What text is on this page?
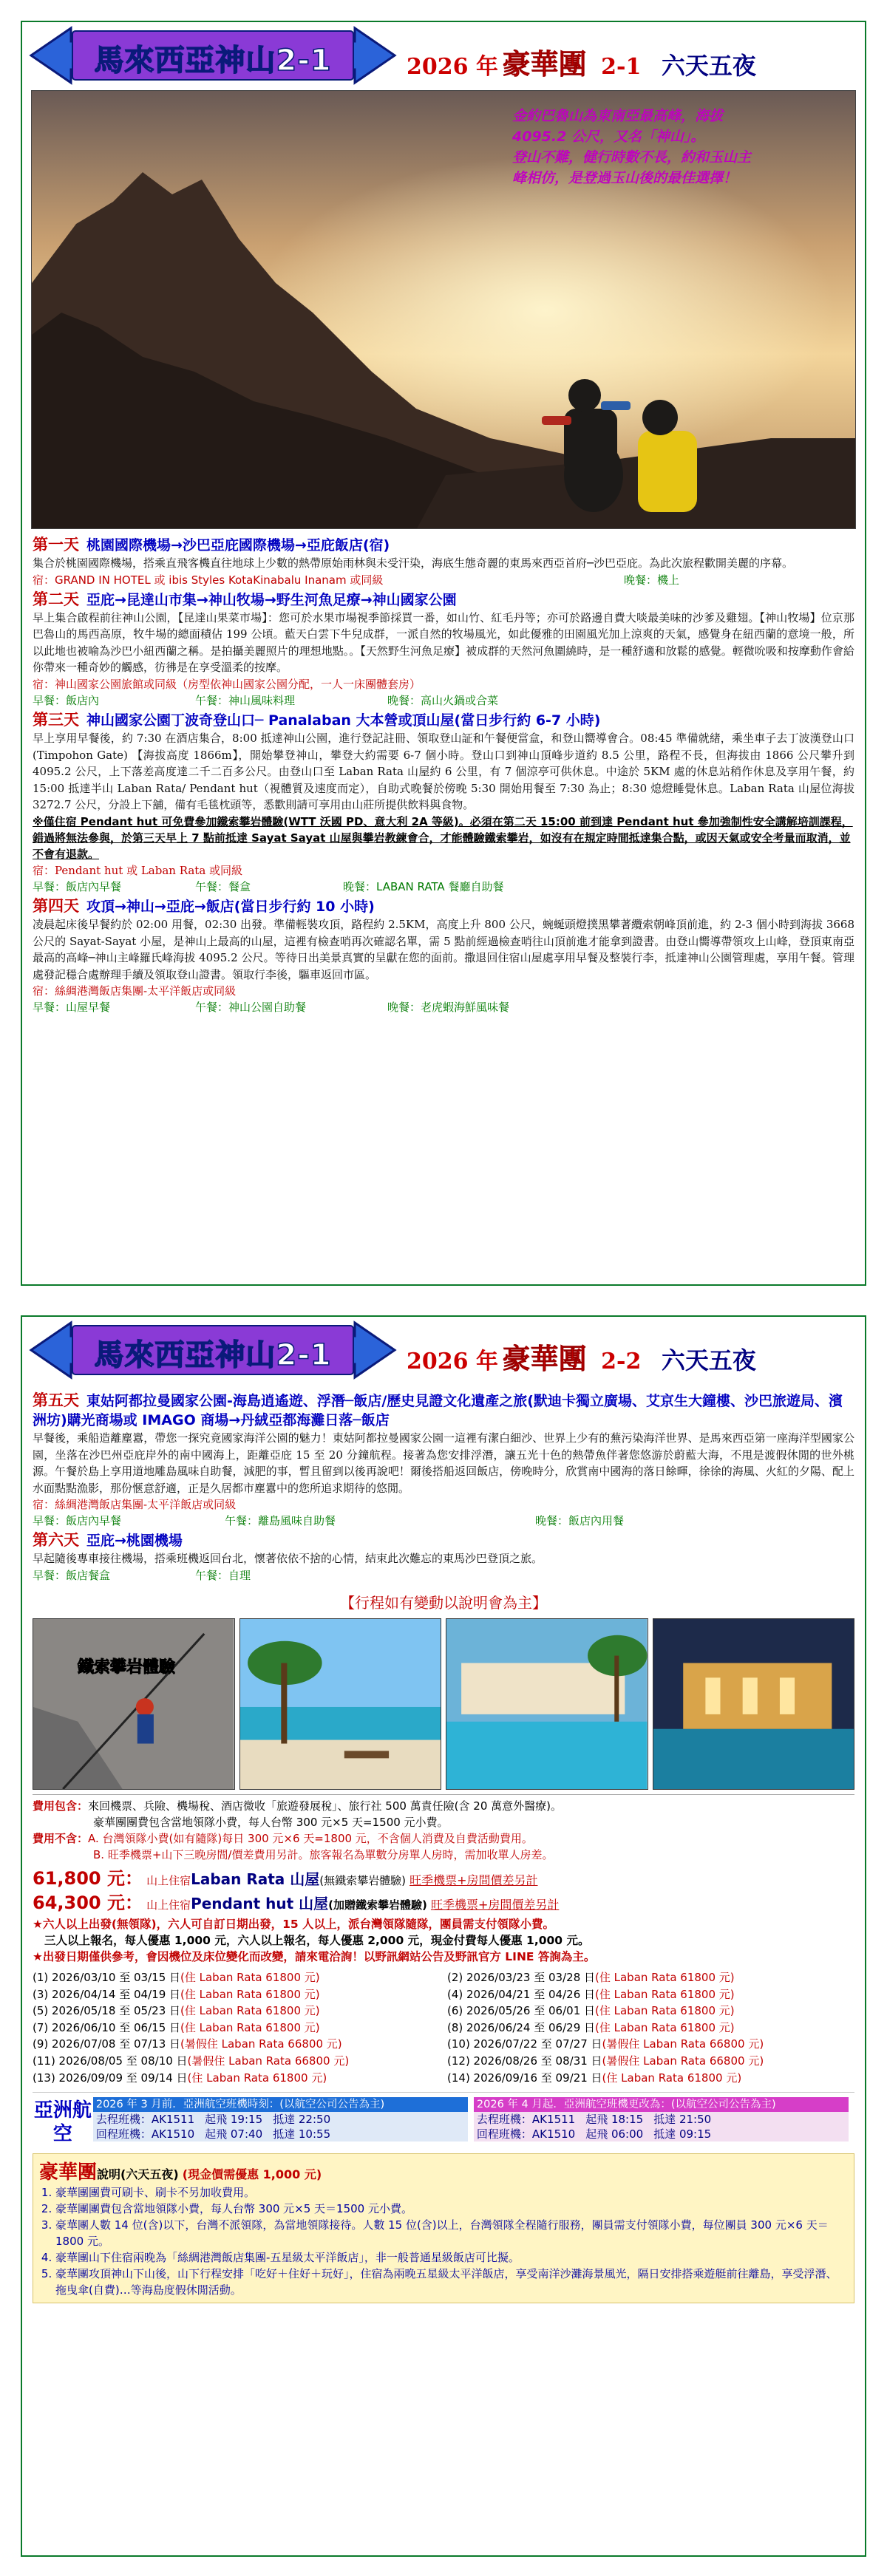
馬來西亞神山2-1	2026 年 豪華團 2-1 六天五夜

金約巴魯山為東南亞最高峰，海拔

4095.2 公尺，又名「神山」。

登山不難，健行時數不長，約和玉山主

峰相仿，是登過玉山後的最佳選擇！

第一天 桃園國際機場→沙巴亞庇國際機場→亞庇飯店(宿)
集合於桃園國際機場，搭乘直飛客機直往地球上少數的熱帶原始雨林與未受汗染，海底生態奇麗的東馬來西亞首府─沙巴亞庇。為此次旅程歡開美麗的序幕。
宿：GRAND IN HOTEL 或 ibis Styles KotaKinabalu Inanam 或同級	晚餐：機上
第二天 亞庇→昆達山市集→神山牧場→野生河魚足療→神山國家公園
早上集合啟程前往神山公園，【昆達山果菜市場】：您可於水果市場視季節採買一番，如山竹、紅毛丹等；亦可於路邊自費大啖最美味的沙爹及雞翅。【神山牧場】位京那巴魯山的馬西高原，牧牛場的總面積佔 199 公頃。藍天白雲下牛兒成群，一派自然的牧場風光，如此優雅的田園風光加上涼爽的天氣，感覺身在紐西蘭的意境一般，所以此地也被喻為沙巴小紐西蘭之稱。是拍攝美麗照片的理想地點。。【天然野生河魚足療】被成群的天然河魚圍繞時，是一種舒適和放鬆的感覺。輕微吮吸和按摩動作會給你帶來一種奇妙的觸感，彷彿是在享受溫柔的按摩。
宿：神山國家公園旅館或同級（房型依神山國家公園分配，一人一床團體套房）
早餐：飯店內	午餐：神山風味料理	晚餐：高山火鍋或合菜
第三天 神山國家公園丁波奇登山口─ Panalaban 大本營或頂山屋(當日步行約 6-7 小時)
早上享用早餐後，約 7:30 在酒店集合，8:00 抵達神山公園，進行登記註冊、領取登山証和午餐便當盒，和登山嚮導會合。08:45 準備就緒，乘坐車子去丁波漢登山口 (Timpohon Gate) 【海拔高度 1866m】，開始攀登神山，攀登大約需要 6-7 個小時。登山口到神山頂峰步道約 8.5 公里，路程不長，但海拔由 1866 公尺攀升到 4095.2 公尺，上下落差高度達二千二百多公尺。由登山口至 Laban Rata 山屋約 6 公里，有 7 個涼亭可供休息。中途於 5KM 處的休息站稍作休息及享用午餐，約 15:00 抵達半山 Laban Rata/ Pendant hut（視體質及速度而定），自助式晚餐於傍晚 5:30 開始用餐至 7:30 為止；8:30 熄燈睡覺休息。Laban Rata 山屋位海拔 3272.7 公尺，分設上下舖，備有毛毯枕頭等，悉歡則請可享用由山莊所提供飲料與食物。
※僅住宿 Pendant hut 可免費參加鐵索攀岩體驗(WTT 沃國 PD、意大利 2A 等級)。必須在第二天 15:00 前到達 Pendant hut 參加強制性安全講解培訓課程，錯過將無法參與，於第三天早上 7 點前抵達 Sayat Sayat 山屋與攀岩教練會合，才能體驗鐵索攀岩，如沒有在規定時間抵達集合點，或因天氣或安全考量而取消，並不會有退款。
宿：Pendant hut 或 Laban Rata 或同級
早餐：飯店內早餐	午餐：餐盒	晚餐：LABAN RATA 餐廳自助餐
第四天 攻頂→神山→亞庇→飯店(當日步行約 10 小時)
凌晨起床後早餐約於 02:00 用餐，02:30 出發。準備輕裝攻頂，路程約 2.5KM，高度上升 800 公尺，蜿蜒頭燈撲黑攀著纜索朝峰頂前進，約 2-3 個小時到海拔 3668 公尺的 Sayat-Sayat 小屋，是神山上最高的山屋，這裡有檢查哨再次確認名單，需 5 點前經過檢查哨往山頂前進才能拿到證書。由登山嚮導帶領攻上山峰，登頂東南亞最高的高峰─神山主峰羅氏峰海拔 4095.2 公尺。等待日出美景真實的呈獻在您的面前。撒退回住宿山屋處享用早餐及整裝行李，抵達神山公園管理處，享用午餐。管理處發記穩合處辦理手續及領取登山證書。領取行李後，驅車返回市區。
宿：絲綢港灣飯店集團-太平洋飯店或同級
早餐：山屋早餐	午餐：神山公園自助餐	晚餐：老虎蝦海鮮風味餐
馬來西亞神山2-1	2026 年 豪華團 2-2 六天五夜
第五天 東姑阿都拉曼國家公園-海島逍遙遊、浮潛─飯店/歷史見證文化遺產之旅(默迪卡獨立廣場、艾京生大鐘樓、沙巴旅遊局、濱洲坊)購光商場或 IMAGO 商場→丹絨亞都海灘日落─飯店
早餐後，乘船造離塵囂，帶您一探究竟國家海洋公園的魅力！東姑阿都拉曼國家公園一這裡有潔白細沙、世界上少有的蕪污染海洋世界、是馬來西亞第一座海洋型國家公園，坐落在沙巴州亞庇岸外的南中國海上，距離亞庇 15 至 20 分鐘航程。接著為您安排浮潛，讓五光十色的熱帶魚伴著您悠游於蔚藍大海，不甩是渡假休閒的世外桃源。午餐於島上享用道地雕島風味自助餐，減肥的事，暫且留到以後再說吧！爾後搭船返回飯店，傍晚時分，欣賞南中國海的落日餘暉，徐徐的海風、火紅的夕陽、配上水面點點漁影，那份愜意舒適，正是久居都市塵囂中的您所追求期待的悠閒。
宿：絲綢港灣飯店集團-太平洋飯店或同級
早餐：飯店內早餐	午餐：離島風味自助餐	晚餐：飯店內用餐
第六天 亞庇→桃園機場
早起隨後專車接往機場，搭乘班機返回台北，懷著依依不捨的心情，結束此次難忘的東馬沙巴登頂之旅。
早餐：飯店餐盒	午餐：自理
【行程如有變動以說明會為主】
鐵索攀岩體驗
費用包含：來回機票、兵險、機場稅、酒店微收「旅遊發展稅」、旅行社 500 萬責任險(含 20 萬意外醫療)。
豪華團團費包含當地領隊小費，每人台幣 300 元×5 天=1500 元小費。
費用不含：A. 台灣領隊小費(如有隨隊)每日 300 元×6 天=1800 元，不含個人消費及自費活動費用。
B. 旺季機票+山下三晚房間/價差費用另計。旅客報名為單數分房單人房時，需加收單人房差。
61,800 元： 山上住宿Laban Rata 山屋(無鐵索攀岩體驗) 旺季機票+房間價差另計
64,300 元： 山上住宿Pendant hut 山屋(加贈鐵索攀岩體驗) 旺季機票+房間價差另計
★六人以上出發(無領隊)，六人可自訂日期出發，15 人以上，派台灣領隊隨隊，團員需支付領隊小費。
三人以上報名，每人優惠 1,000 元，六人以上報名，每人優惠 2,000 元，現金付費每人優惠 1,000 元。
★出發日期僅供參考，會因機位及床位變化而改變，請來電洽詢！以野訊網站公告及野訊官方 LINE 答詢為主。
(1) 2026/03/10 至 03/15 日(住 Laban Rata 61800 元)	(2) 2026/03/23 至 03/28 日(住 Laban Rata 61800 元)
(3) 2026/04/14 至 04/19 日(住 Laban Rata 61800 元)	(4) 2026/04/21 至 04/26 日(住 Laban Rata 61800 元)
(5) 2026/05/18 至 05/23 日(住 Laban Rata 61800 元)	(6) 2026/05/26 至 06/01 日(住 Laban Rata 61800 元)
(7) 2026/06/10 至 06/15 日(住 Laban Rata 61800 元)	(8) 2026/06/24 至 06/29 日(住 Laban Rata 61800 元)
(9) 2026/07/08 至 07/13 日(暑假住 Laban Rata 66800 元)	(10) 2026/07/22 至 07/27 日(暑假住 Laban Rata 66800 元)
(11) 2026/08/05 至 08/10 日(暑假住 Laban Rata 66800 元)	(12) 2026/08/26 至 08/31 日(暑假住 Laban Rata 66800 元)
(13) 2026/09/09 至 09/14 日(住 Laban Rata 61800 元)	(14) 2026/09/16 至 09/21 日(住 Laban Rata 61800 元)
亞洲航空
2026 年 3 月前．亞洲航空班機時刻：(以航空公司公告為主)
去程班機：AK1511 起飛 19:15 抵達 22:50
回程班機：AK1510 起飛 07:40 抵達 10:55
2026 年 4 月起．亞洲航空班機更改為：(以航空公司公告為主)
去程班機：AK1511 起飛 18:15 抵達 21:50
回程班機：AK1510 起飛 06:00 抵達 09:15
豪華團說明(六天五夜) (現金價需優惠 1,000 元)
1. 豪華團團費可刷卡、刷卡不另加收費用。
2. 豪華團團費包含當地領隊小費，每人台幣 300 元×5 天＝1500 元小費。
3. 豪華團人數 14 位(含)以下，台灣不派領隊，為當地領隊接待。人數 15 位(含)以上，台灣領隊全程隨行服務，團員需支付領隊小費，每位團員 300 元×6 天＝1800 元。
4. 豪華團山下住宿兩晚為「絲綢港灣飯店集團-五星級太平洋飯店」，非一般普通星級飯店可比擬。
5. 豪華團攻頂神山下山後，山下行程安排「吃好＋住好＋玩好」，住宿為兩晚五星級太平洋飯店，享受南洋沙灘海景風光，隔日安排搭乘遊艇前往離島，享受浮潛、拖曳傘(自費)…等海島度假休閒活動。
